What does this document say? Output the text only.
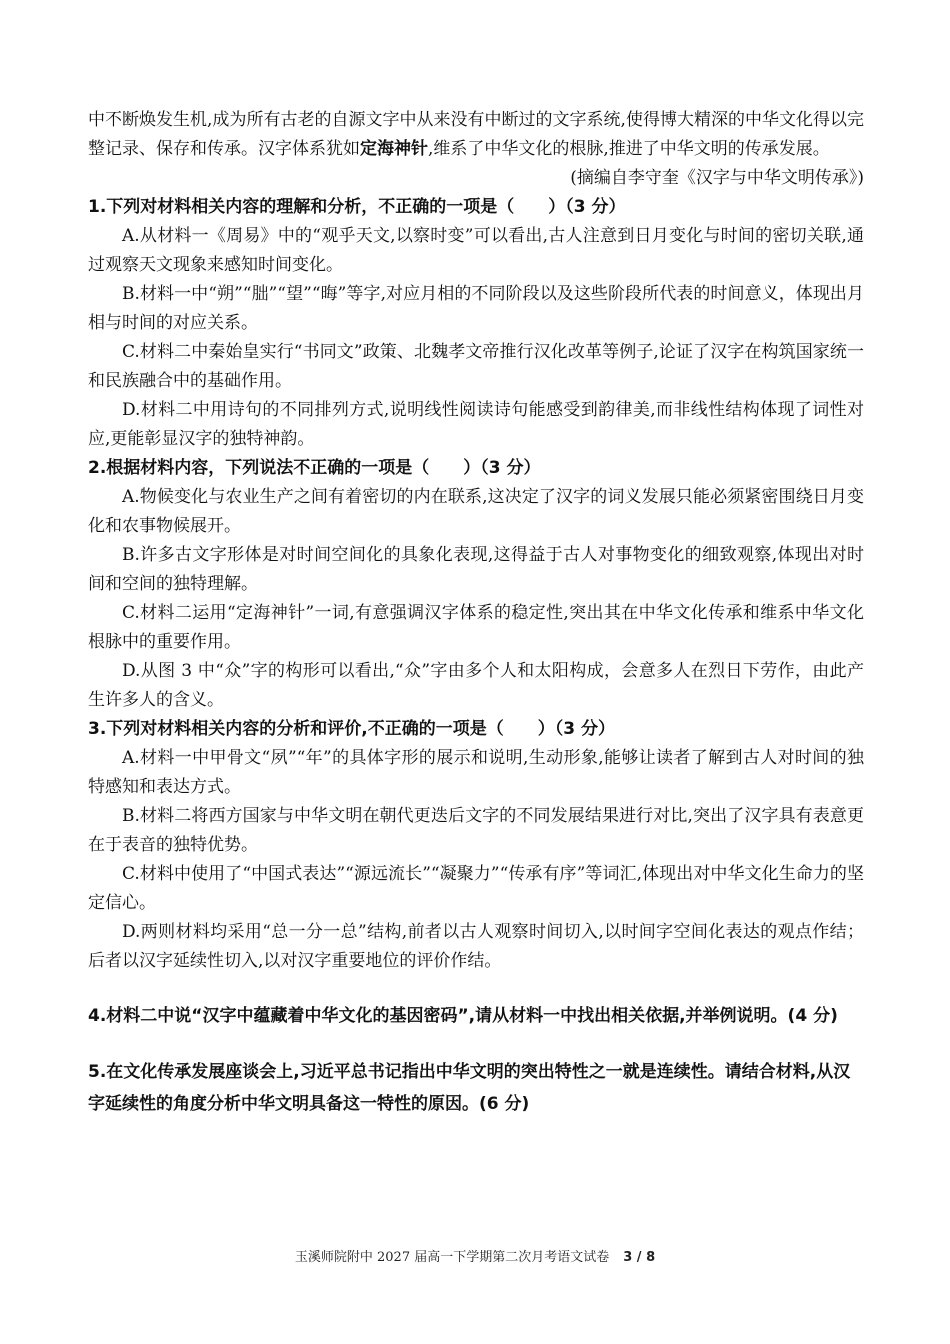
中不断焕发生机,成为所有古老的自源文字中从来没有中断过的文字系统,使得博大精深的中华文化得以完整记录、保存和传承。汉字体系犹如定海神针,维系了中华文化的根脉,推进了中华文明的传承发展。

(摘编自李守奎《汉字与中华文明传承》)

1.下列对材料相关内容的理解和分析，不正确的一项是（　　）（3 分）

A.从材料一《周易》中的“观乎天文,以察时变”可以看出,古人注意到日月变化与时间的密切关联,通过观察天文现象来感知时间变化。

B.材料一中“朔”“朏”“望”“晦”等字,对应月相的不同阶段以及这些阶段所代表的时间意义，体现出月相与时间的对应关系。

C.材料二中秦始皇实行“书同文”政策、北魏孝文帝推行汉化改革等例子,论证了汉字在构筑国家统一和民族融合中的基础作用。

D.材料二中用诗句的不同排列方式,说明线性阅读诗句能感受到韵律美,而非线性结构体现了词性对应,更能彰显汉字的独特神韵。

2.根据材料内容，下列说法不正确的一项是（　　）（3 分）

A.物候变化与农业生产之间有着密切的内在联系,这决定了汉字的词义发展只能必须紧密围绕日月变化和农事物候展开。

B.许多古文字形体是对时间空间化的具象化表现,这得益于古人对事物变化的细致观察,体现出对时间和空间的独特理解。

C.材料二运用“定海神针”一词,有意强调汉字体系的稳定性,突出其在中华文化传承和维系中华文化根脉中的重要作用。

D.从图 3 中“众”字的构形可以看出,“众”字由多个人和太阳构成，会意多人在烈日下劳作，由此产生许多人的含义。

3.下列对材料相关内容的分析和评价,不正确的一项是（　　）（3 分）

A.材料一中甲骨文“夙”“年”的具体字形的展示和说明,生动形象,能够让读者了解到古人对时间的独特感知和表达方式。

B.材料二将西方国家与中华文明在朝代更迭后文字的不同发展结果进行对比,突出了汉字具有表意更在于表音的独特优势。

C.材料中使用了“中国式表达”“源远流长”“凝聚力”“传承有序”等词汇,体现出对中华文化生命力的坚定信心。

D.两则材料均采用“总一分一总”结构,前者以古人观察时间切入,以时间字空间化表达的观点作结；后者以汉字延续性切入,以对汉字重要地位的评价作结。

4.材料二中说“汉字中蕴藏着中华文化的基因密码”,请从材料一中找出相关依据,并举例说明。(4 分)

5.在文化传承发展座谈会上,习近平总书记指出中华文明的突出特性之一就是连续性。请结合材料,从汉字延续性的角度分析中华文明具备这一特性的原因。(6 分)

玉溪师院附中 2027 届高一下学期第二次月考语文试卷 3 / 8
